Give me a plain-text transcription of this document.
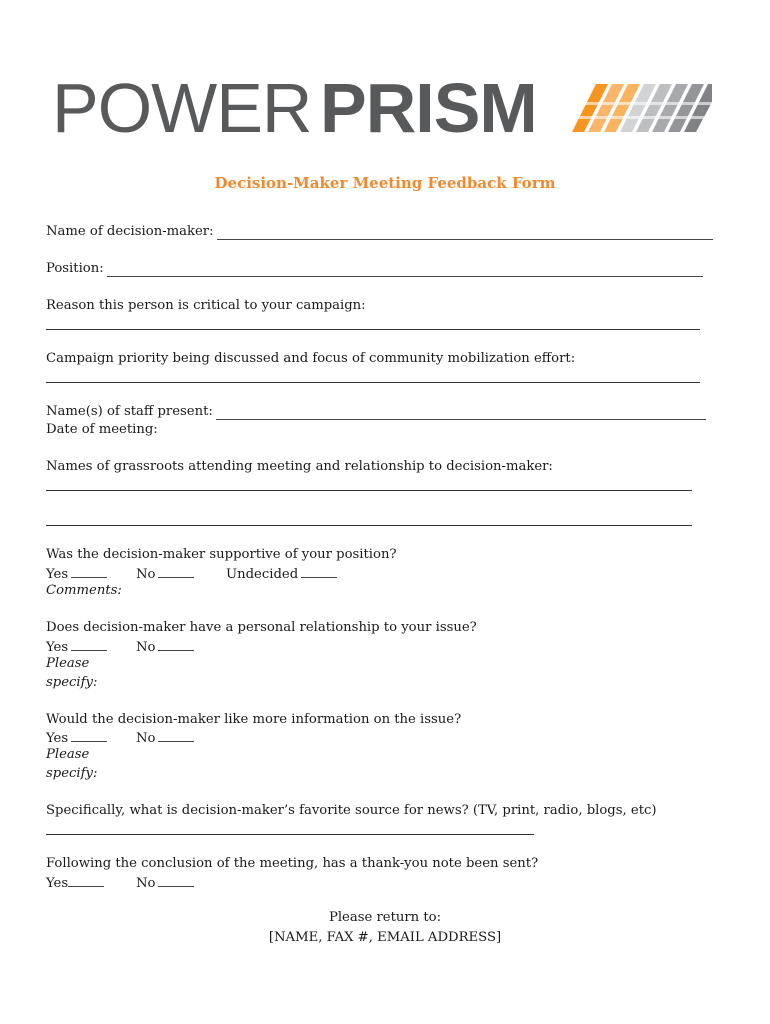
POWER PRISM
Decision-Maker Meeting Feedback Form
Name of decision-maker:
Position:
Reason this person is critical to your campaign:
Campaign priority being discussed and focus of community mobilization effort:
Name(s) of staff present:
Date of meeting:
Names of grassroots attending meeting and relationship to decision-maker:
Was the decision-maker supportive of your position?
Yes	No	Undecided
Comments:
Does decision-maker have a personal relationship to your issue?
Yes	No
Please
specify:
Would the decision-maker like more information on the issue?
Yes	No
Please
specify:
Specifically, what is decision-maker’s favorite source for news? (TV, print, radio, blogs, etc)
Following the conclusion of the meeting, has a thank-you note been sent?
Yes	No
Please return to:
[NAME, FAX #, EMAIL ADDRESS]
